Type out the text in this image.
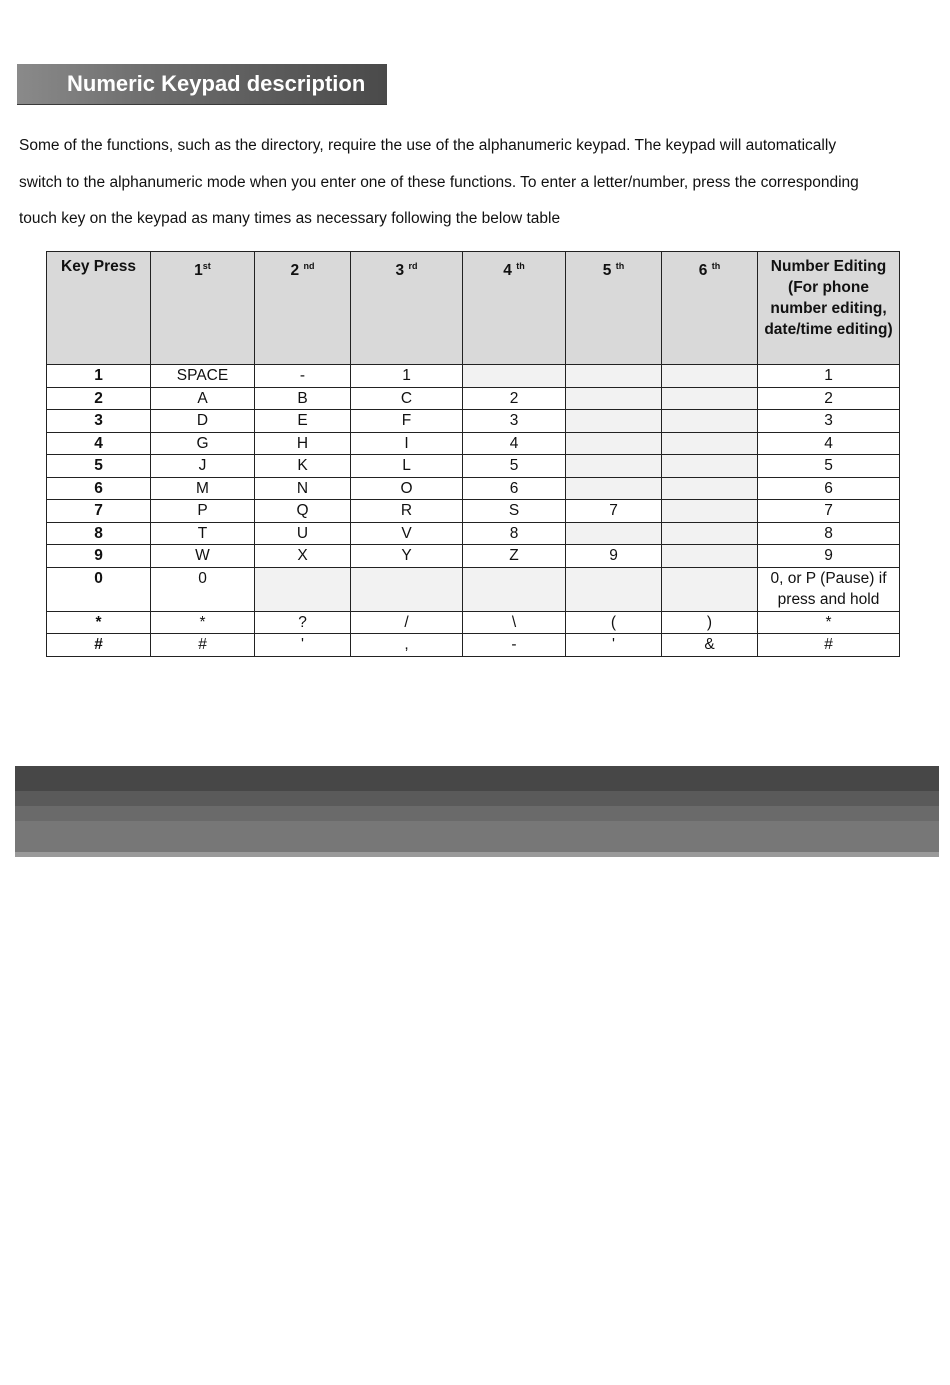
Numeric Keypad description

Some of the functions, such as the directory, require the use of the alphanumeric keypad. The keypad will automatically

switch to the alphanumeric mode when you enter one of these functions. To enter a letter/number, press the corresponding

touch key on the keypad as many times as necessary following the below table

Key Press	1st	2 $^{nd}$	3 $^{rd}$	4 $^{th}$	5 $^{th}$	6 $^{th}$	Number Editing (For phone number editing, date/time editing)
1	SPACE	-	1				1
2	A	B	C	2			2
3	D	E	F	3			3
4	G	H	I	4			4
5	J	K	L	5			5
6	M	N	O	6			6
7	P	Q	R	S	7		7
8	T	U	V	8			8
9	W	X	Y	Z	9		9
0	0						0, or P (Pause) if press and hold
*	*	?	/	\	(	)	*
#	#	'	,	-	'	&	#
